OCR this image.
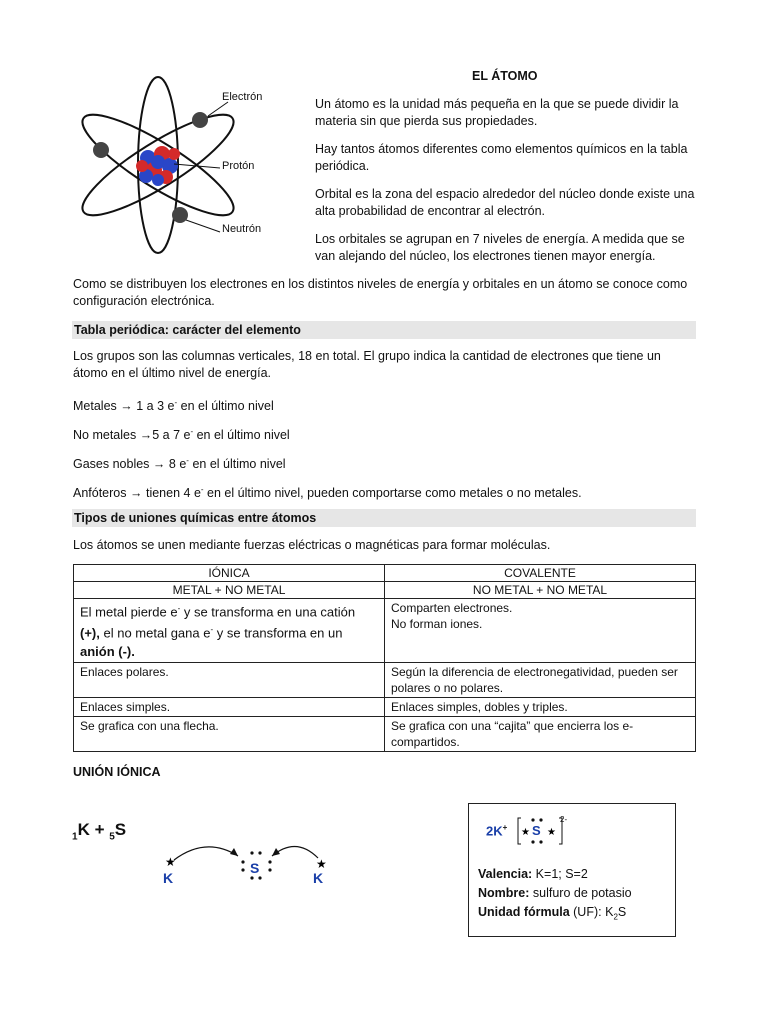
Electrón
Protón
Neutrón
EL ÁTOMO
Un átomo es la unidad más pequeña en la que se puede dividir la materia sin que pierda sus propiedades.
Hay tantos átomos diferentes como elementos químicos en la tabla periódica.
Orbital es la zona del espacio alrededor del núcleo donde existe una alta probabilidad de encontrar al electrón.
Los orbitales se agrupan en 7 niveles de energía. A medida que se van alejando del núcleo, los electrones tienen mayor energía.
Como se distribuyen los electrones en los distintos niveles de energía y orbitales en un átomo se conoce como configuración electrónica.
Tabla periódica: carácter del elemento
Los grupos son las columnas verticales, 18 en total. El grupo indica la cantidad de electrones que tiene un átomo en el último nivel de energía.
Metales → 1 a 3 e- en el último nivel
No metales →5 a 7 e- en el último nivel
Gases nobles → 8 e- en el último nivel
Anfóteros → tienen 4 e- en el último nivel, pueden comportarse como metales o no metales.
Tipos de uniones químicas entre átomos
Los átomos se unen mediante fuerzas eléctricas o magnéticas para formar moléculas.
IÓNICA	COVALENTE
METAL + NO METAL	NO METAL + NO METAL
El metal pierde e- y se transforma en una catión (+), el no metal gana e- y se transforma en un anión (-).	Comparten electrones.
No forman iones.

Enlaces polares.	Según la diferencia de electronegatividad, pueden ser polares o no polares.
Enlaces simples.	Enlaces simples, dobles y triples.
Se grafica con una flecha.	Se grafica con una “cajita” que encierra los e- compartidos.
UNIÓN IÓNICA
$_1$K + $_5$S
★	★
K
S
K
2K+ ★ ★
S
2-
Valencia: K=1; S=2
Nombre: sulfuro de potasio
Unidad fórmula (UF): $K_2S$
